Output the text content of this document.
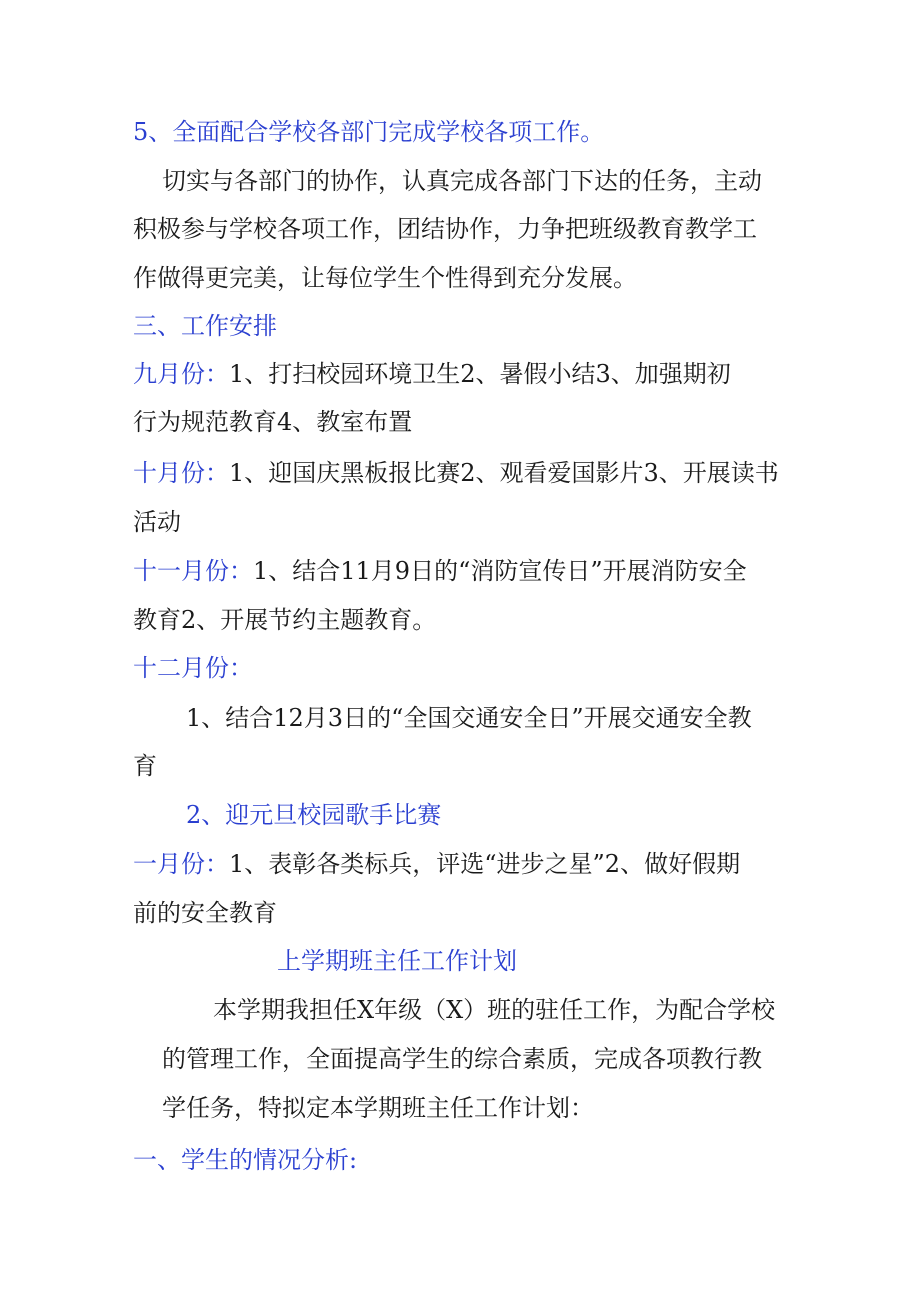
5、全面配合学校各部门完成学校各项工作。
切实与各部门的协作，认真完成各部门下达的任务，主动
积极参与学校各项工作，团结协作，力争把班级教育教学工
作做得更完美，让每位学生个性得到充分发展。
三、工作安排
九月份：1、打扫校园环境卫生2、暑假小结3、加强期初
行为规范教育4、教室布置
十月份：1、迎国庆黑板报比赛2、观看爱国影片3、开展读书
活动
十一月份：1、结合11月9日的“消防宣传日”开展消防安全
教育2、开展节约主题教育。
十二月份：
1、结合12月3日的“全国交通安全日”开展交通安全教
育
2、迎元旦校园歌手比赛
一月份：1、表彰各类标兵，评选“进步之星”2、做好假期
前的安全教育
上学期班主任工作计划
本学期我担任X年级（X）班的驻任工作，为配合学校
的管理工作，全面提高学生的综合素质，完成各项教行教
学任务，特拟定本学期班主任工作计划：
一、学生的情况分析:
